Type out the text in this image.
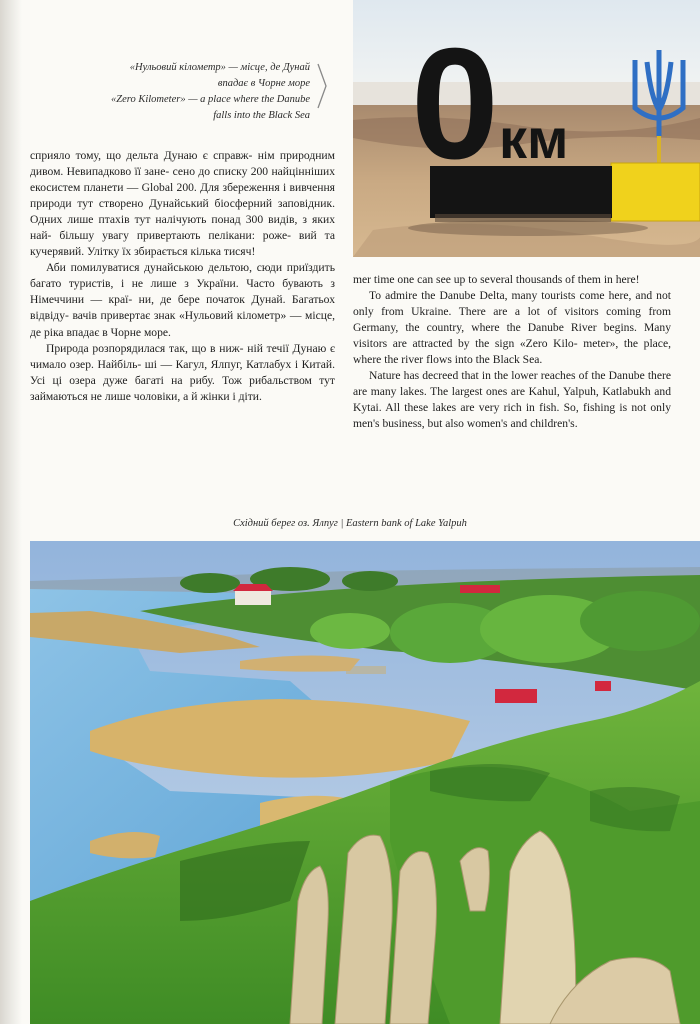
«Нульовий кілометр» — місце, де Дунай
впадає в Чорне море
«Zero Kilometer» — a place where the Danube
falls into the Black Sea 0 км

сприяло тому, що дельта Дунаю є справж- нім природним дивом. Невипадково її зане- сено до списку 200 найцінніших екосистем планети — Global 200. Для збереження і вивчення природи тут створено Дунайський біосферний заповідник. Одних лише птахів тут налічують понад 300 видів, з яких най- більшу увагу привертають пелікани: роже- вий та кучерявий. Улітку їх збирається кілька тисяч!

Аби помилуватися дунайською дельтою, сюди приїздить багато туристів, і не лише з України. Часто бувають з Німеччини — краї- ни, де бере початок Дунай. Багатьох відвіду- вачів привертає знак «Нульовий кілометр» — місце, де ріка впадає в Чорне море.

Природа розпорядилася так, що в ниж- ній течії Дунаю є чимало озер. Найбіль- ші — Кагул, Ялпуг, Катлабух і Китай. Усі ці озера дуже багаті на рибу. Тож рибальством тут займаються не лише чоловіки, а й жінки і діти.

mer time one can see up to several thousands of them in here!

To admire the Danube Delta, many tourists come here, and not only from Ukraine. There are a lot of visitors coming from Germany, the country, where the Danube River begins. Many visitors are attracted by the sign «Zero Kilo- meter», the place, where the river flows into the Black Sea.

Nature has decreed that in the lower reaches of the Danube there are many lakes. The largest ones are Kahul, Yalpuh, Katlabukh and Kytai. All these lakes are very rich in fish. So, fishing is not only men's business, but also women's and children's.

Східний берег оз. Ялпуг | Eastern bank of Lake Yalpuh
